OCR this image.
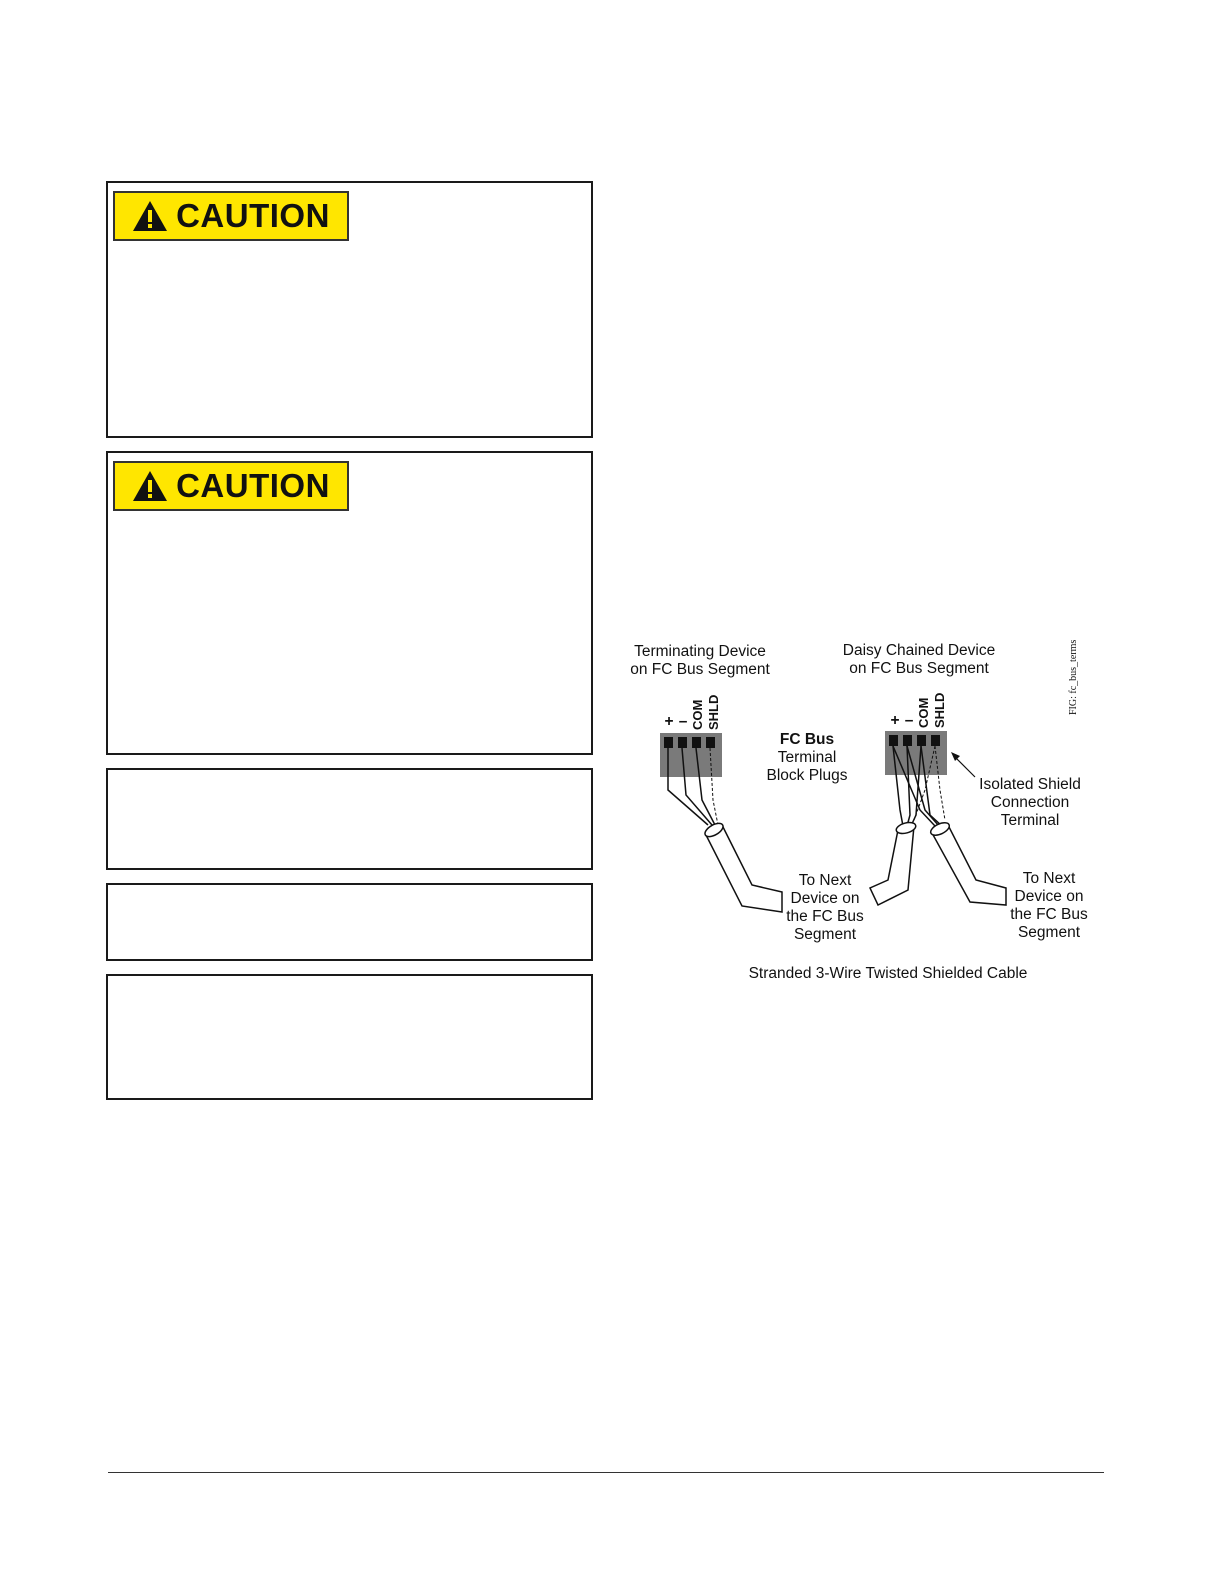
CAUTION
CAUTION
Terminating Device
on FC Bus Segment
Daisy Chained Device
on FC Bus Segment	FIG: fc_bus_terms
+ – COM SHLD	+ – COM SHLD
FC Bus
Terminal
Block Plugs
Isolated Shield
Connection
Terminal
To Next
Device on
the FC Bus
Segment
To Next
Device on
the FC Bus
Segment
Stranded 3-Wire Twisted Shielded Cable
